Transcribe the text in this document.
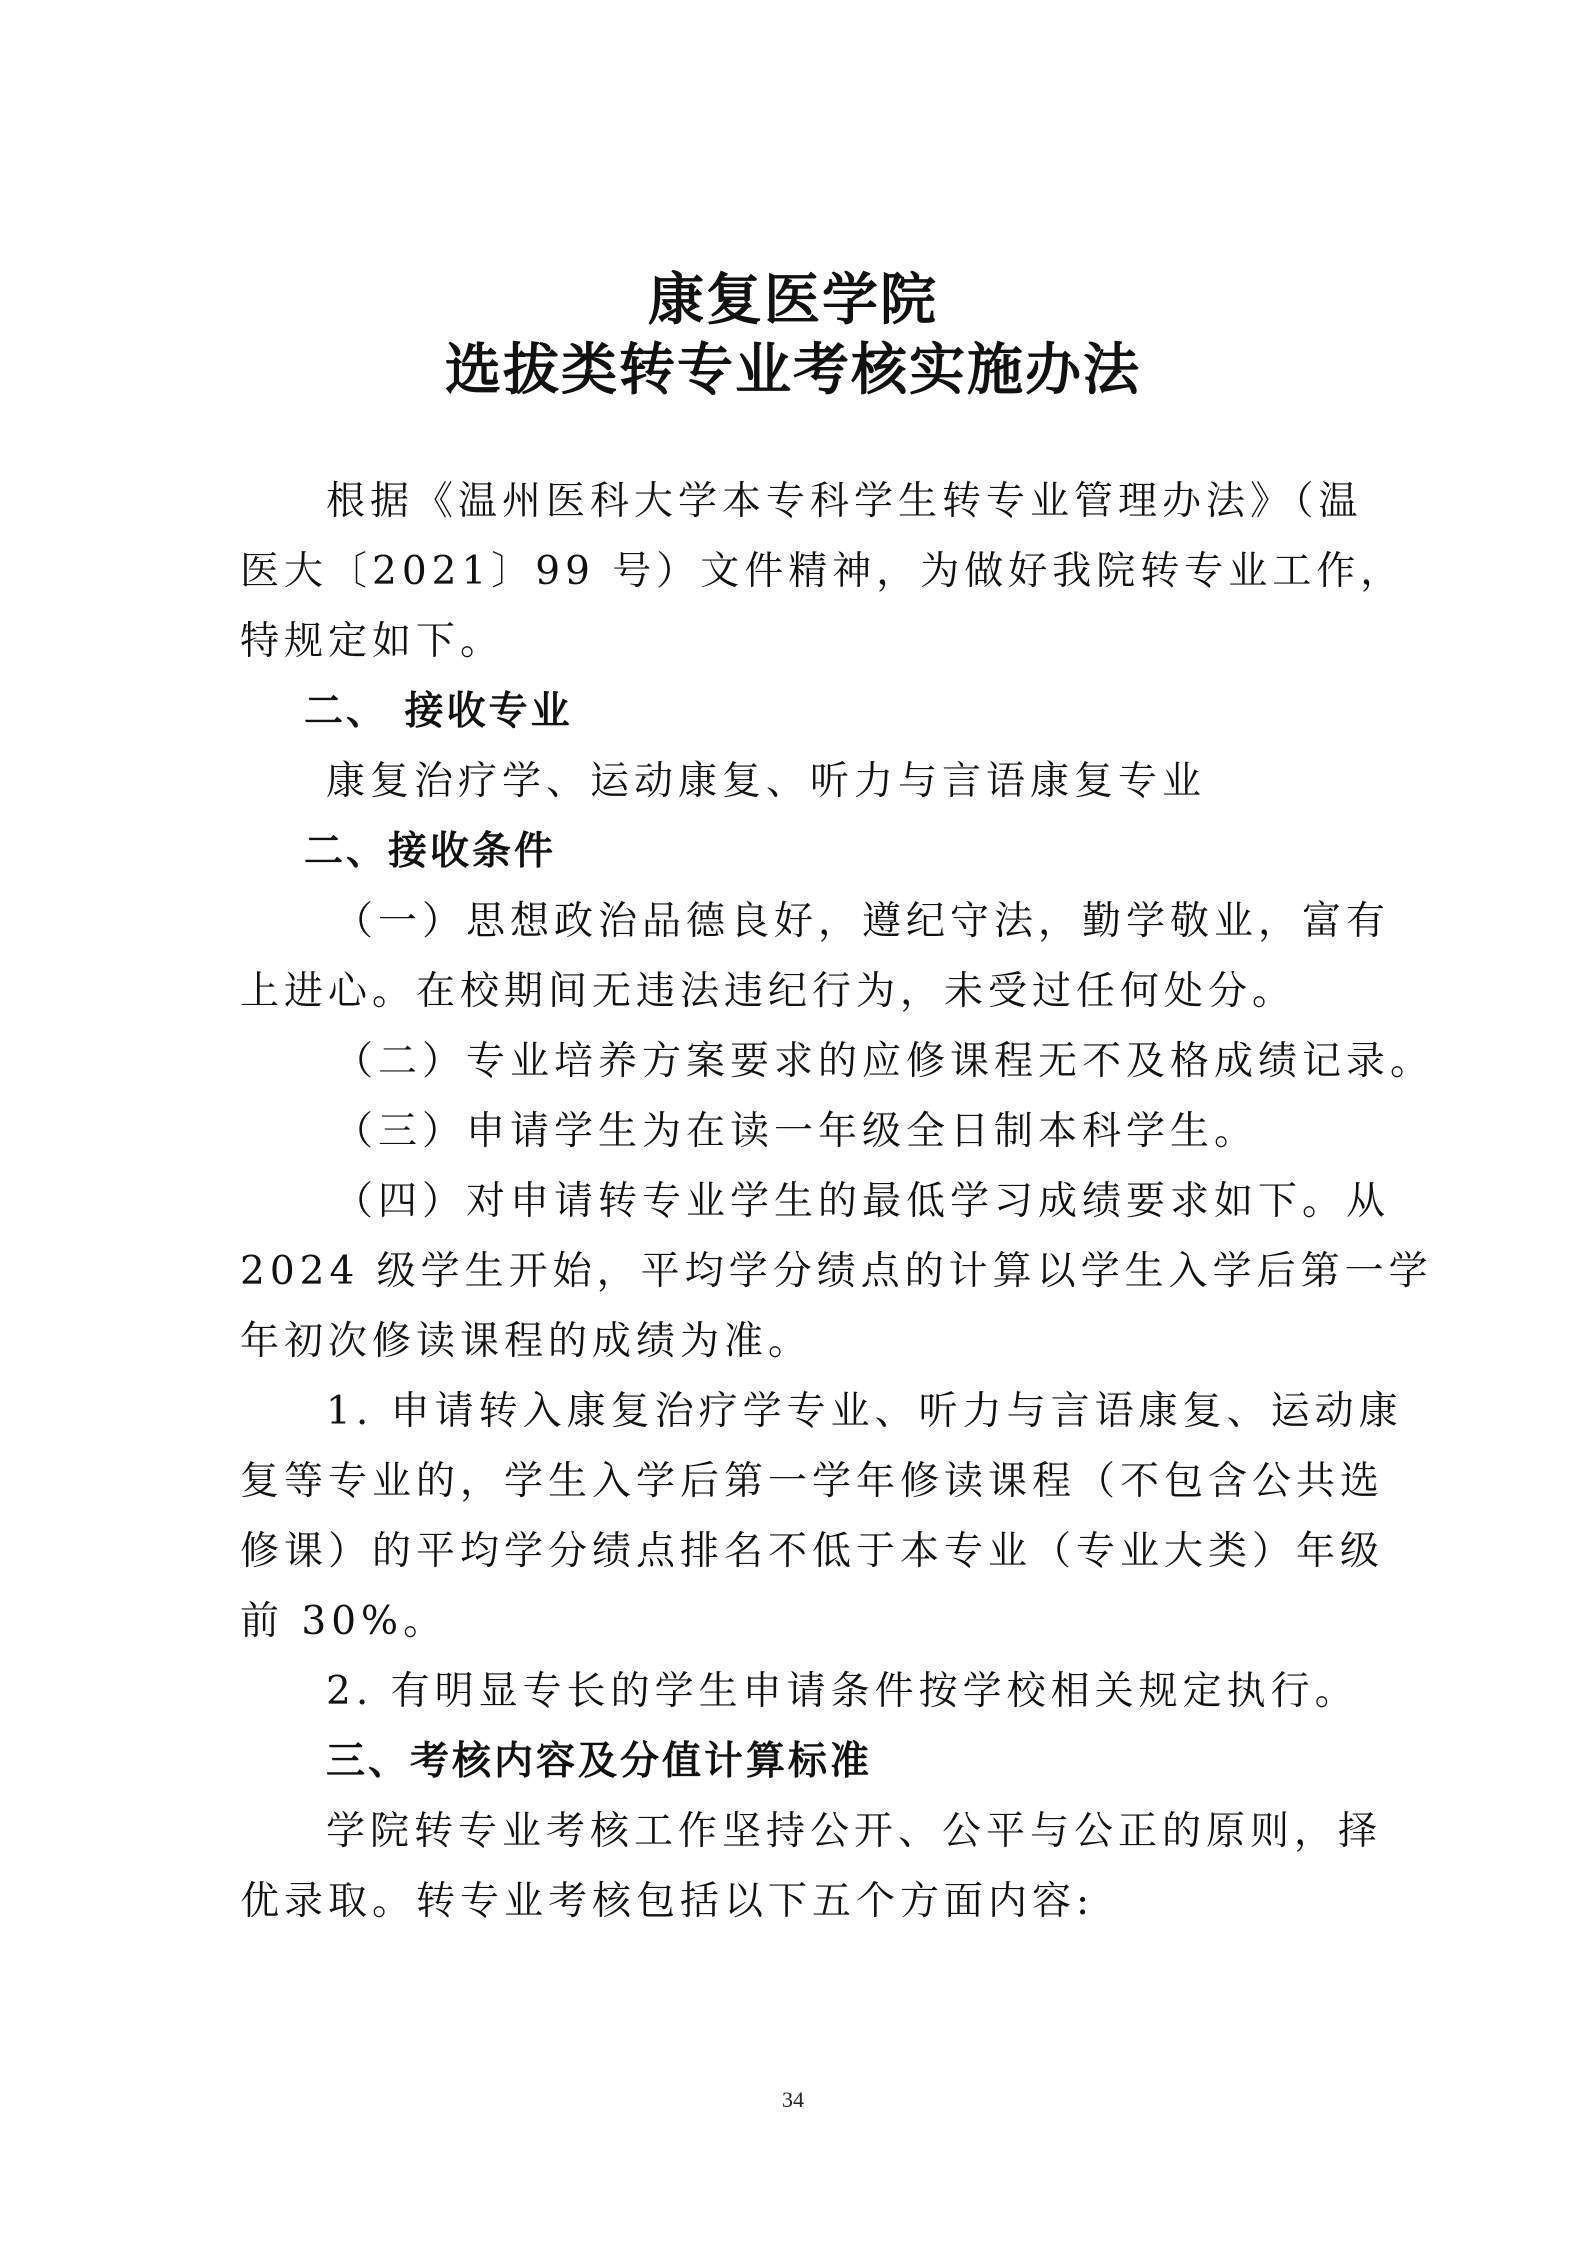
康复医学院
选拔类转专业考核实施办法
根据《温州医科大学本专科学生转专业管理办法》（温
医大〔2021〕99 号）文件精神，为做好我院转专业工作，
特规定如下。
二、 接收专业
康复治疗学、运动康复、听力与言语康复专业
二、接收条件
（一）思想政治品德良好，遵纪守法，勤学敬业，富有
上进心。在校期间无违法违纪行为，未受过任何处分。
（二）专业培养方案要求的应修课程无不及格成绩记录。
（三）申请学生为在读一年级全日制本科学生。
（四）对申请转专业学生的最低学习成绩要求如下。从
2024 级学生开始，平均学分绩点的计算以学生入学后第一学
年初次修读课程的成绩为准。
1. 申请转入康复治疗学专业、听力与言语康复、运动康
复等专业的，学生入学后第一学年修读课程（不包含公共选
修课）的平均学分绩点排名不低于本专业（专业大类）年级
前 30%。
2. 有明显专长的学生申请条件按学校相关规定执行。
三、考核内容及分值计算标准
学院转专业考核工作坚持公开、公平与公正的原则，择
优录取。转专业考核包括以下五个方面内容:
34
